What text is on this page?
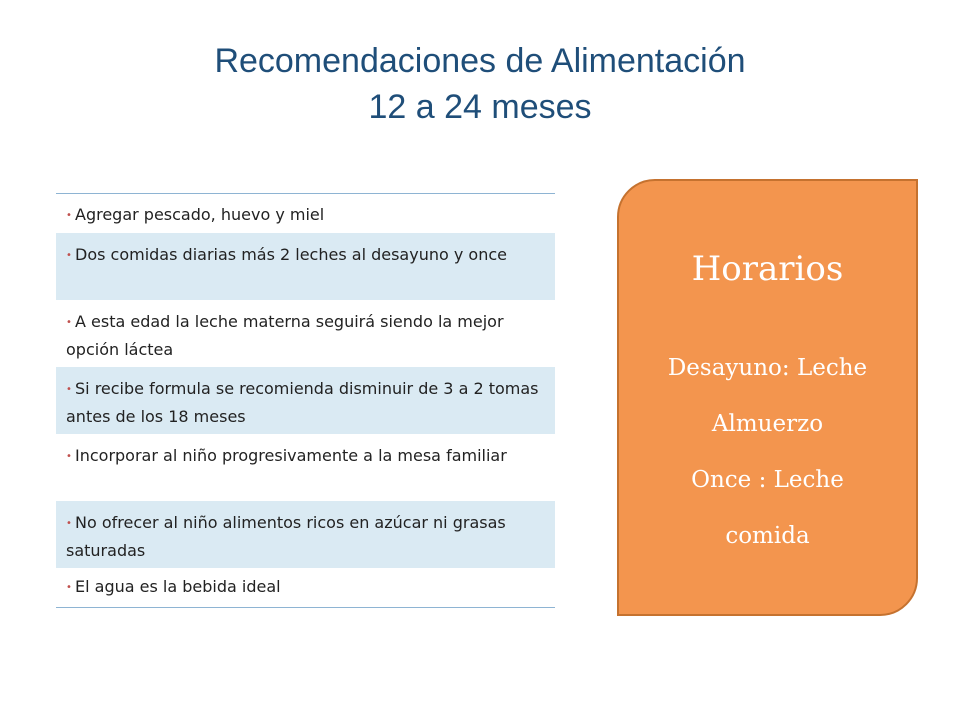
Recomendaciones de Alimentación
12 a 24 meses
• Agregar pescado, huevo y miel
• Dos comidas diarias más 2 leches al desayuno y once
• A esta edad la leche materna seguirá siendo la mejor opción láctea
• Si recibe formula se recomienda disminuir de 3 a 2 tomas antes de los 18 meses
• Incorporar al niño progresivamente a la mesa familiar
• No ofrecer al niño alimentos ricos en azúcar ni grasas saturadas
• El agua es la bebida ideal
Horarios
Desayuno: Leche
Almuerzo
Once : Leche
comida
